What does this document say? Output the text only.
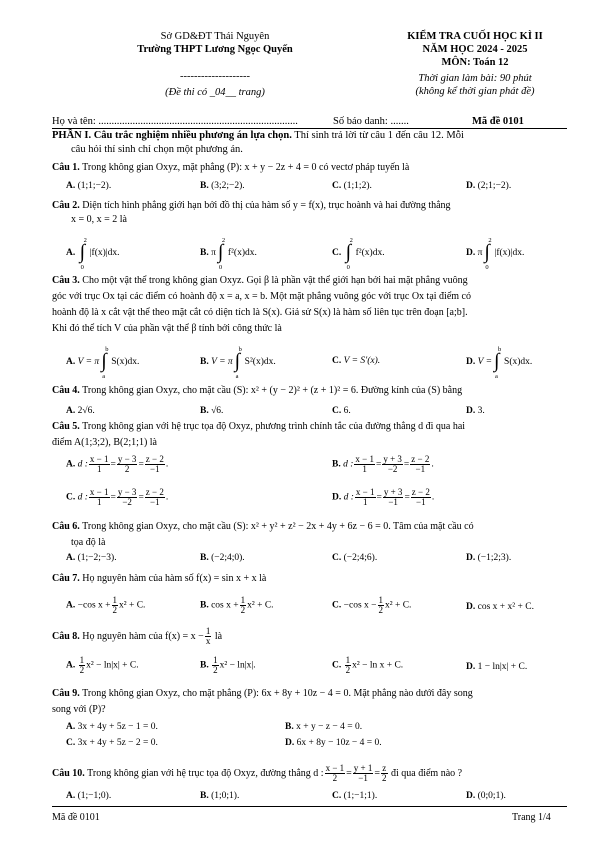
Sở GD&ĐT Thái Nguyên
Trường THPT Lương Ngọc Quyến
--------------------
(Đề thi có _04__ trang)
KIỂM TRA CUỐI HỌC KÌ II
NĂM HỌC 2024 - 2025
MÔN: Toán 12
Thời gian làm bài: 90 phút
(không kể thời gian phát đề)
Họ và tên: ............................................................................	Số báo danh: .......	Mã đề 0101
PHẦN I. Câu trắc nghiệm nhiều phương án lựa chọn. Thí sinh trả lời từ câu 1 đến câu 12. Mỗi
câu hỏi thí sinh chỉ chọn một phương án.
Câu 1. Trong không gian Oxyz, mặt phẳng (P): x + y − 2z + 4 = 0 có vectơ pháp tuyến là
A. (1;1;−2).	B. (3;2;−2).	C. (1;1;2).	D. (2;1;−2).
Câu 2. Diện tích hình phẳng giới hạn bởi đồ thị của hàm số y = f(x), trục hoành và hai đường thẳng
x = 0, x = 2 là
A.
2
∫
0
|f(x)|dx.	B. π
2
∫
0
f²(x)dx.	C.
2
∫
0
f²(x)dx.	D. π
2
∫
0
|f(x)|dx.
Câu 3. Cho một vật thể trong không gian Oxyz. Gọi β là phần vật thể giới hạn bởi hai mặt phẳng vuông
góc với trục Ox tại các điểm có hoành độ x = a, x = b. Một mặt phẳng vuông góc với trục Ox tại điểm có
hoành độ là x cắt vật thể theo mặt cắt có diện tích là S(x). Giả sử S(x) là hàm số liên tục trên đoạn [a;b].
Khi đó thể tích V của phần vật thể β tính bởi công thức là
A. V = π
b
∫
a
S(x)dx.	B. V = π
b
∫
a
S²(x)dx.	C. V = S′(x).	D. V =
b
∫
a
S(x)dx.
Câu 4. Trong không gian Oxyz, cho mặt cầu (S): x² + (y − 2)² + (z + 1)² = 6. Đường kính của (S) bằng
A. 2√6.	B. √6.	C. 6.	D. 3.
Câu 5. Trong không gian với hệ trục tọa độ Oxyz, phương trình chính tắc của đường thẳng d đi qua hai
điểm A(1;3;2), B(2;1;1) là
A. d : $\frac{x - 1}{1} = \frac{y - 3}{2} = \frac{z - 2}{-1}$ .	B. d : $\frac{x - 1}{1} = \frac{y + 3}{-2} = \frac{z - 2}{-1}$ .
C. d : $\frac{x - 1}{1} = \frac{y - 3}{-2} = \frac{z - 2}{-1}$ .	D. d : $\frac{x - 1}{1} = \frac{y + 3}{-1} = \frac{z - 2}{-1}$ .
Câu 6. Trong không gian Oxyz, cho mặt cầu (S): x² + y² + z² − 2x + 4y + 6z − 6 = 0. Tâm của mặt cầu có
tọa độ là
A. (1;−2;−3).	B. (−2;4;0).	C. (−2;4;6).	D. (−1;2;3).
Câu 7. Họ nguyên hàm của hàm số f(x) = sin x + x là
A. −cos $x + \frac{1}{2} x^2 + C$.	B. $\cos x + \frac{1}{2} x^2 + C$.	C. −cos $x - \frac{1}{2} x^2 + C$.	D. cos x + x² + C.
Câu 8. Họ nguyên hàm của $f(x) = x - \frac{1}{x}$ là
A. $\frac{1}{2} x^2 - \ln|x| + C$.	B. $\frac{1}{2} x^2 - \ln|x|$.	C. $\frac{1}{2} x^2 - \ln x + C$.	D. 1 − ln|x| + C.
Câu 9. Trong không gian Oxyz, cho mặt phẳng (P): 6x + 8y + 10z − 4 = 0. Mặt phẳng nào dưới đây song
song với (P)?
A. 3x + 4y + 5z − 1 = 0.	B. x + y − z − 4 = 0.
C. 3x + 4y + 5z − 2 = 0.	D. 6x + 8y − 10z − 4 = 0.
Câu 10. Trong không gian với hệ trục tọa độ Oxyz, đường thẳng d : $\frac{x - 1}{2} = \frac{y + 1}{-1} = \frac{z}{2}$ đi qua điểm nào ?
A. (1;−1;0).	B. (1;0;1).	C. (1;−1;1).	D. (0;0;1).
Mã đề 0101	Trang 1/4
